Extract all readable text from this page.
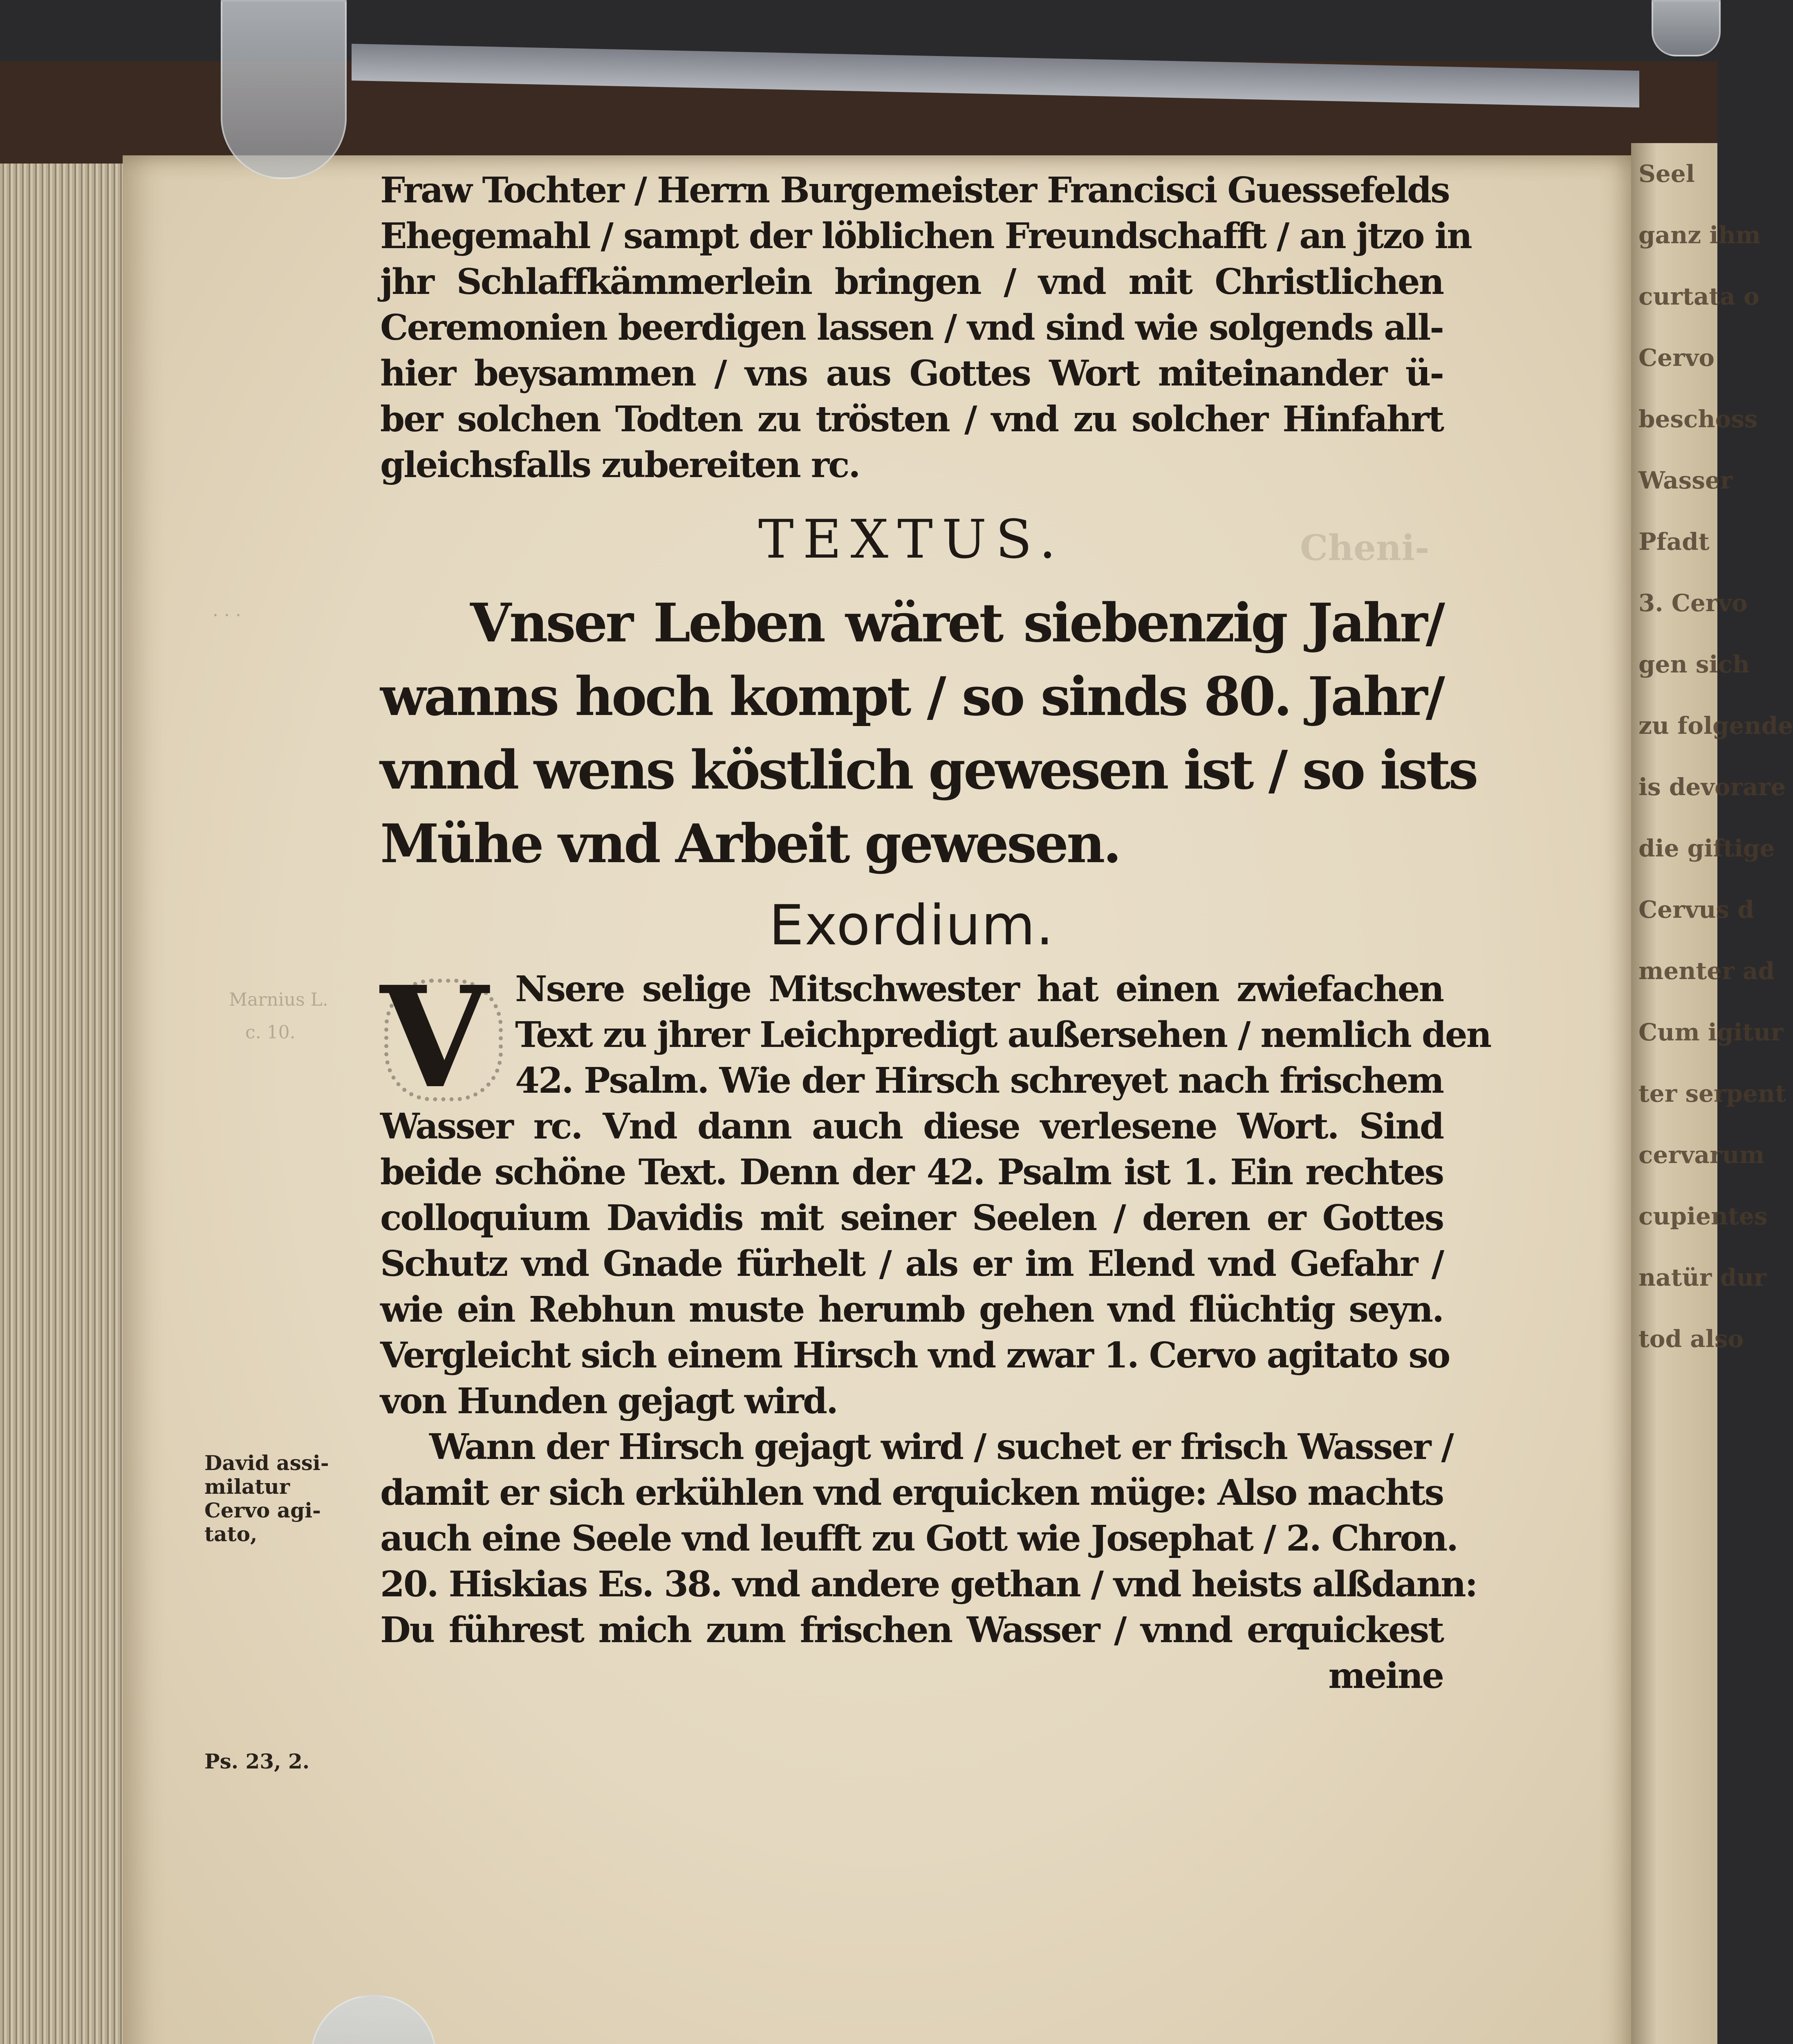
Seel
ganz ihm
curtata o
Cervo
beschoss
Wasser
Pfadt
3. Cervo
gen sich
zu folgende
is devorare
die giftige
Cervus d
menter ad
Cum igitur
ter serpent
cervarum
cupientes
natür dur
tod also
· · ·
Marnius L.
c. 10.
Cheni-
Fraw Tochter / Herrn Burgemeister Francisci Guessefelds
Ehegemahl / sampt der löblichen Freundschafft / an jtzo in
jhr Schlaffkämmerlein bringen / vnd mit Christlichen
Ceremonien beerdigen lassen / vnd sind wie solgends all-
hier beysammen / vns aus Gottes Wort miteinander ü-
ber solchen Todten zu trösten / vnd zu solcher Hinfahrt
gleichsfalls zubereiten rc.
TEXTUS.
Vnser Leben wäret siebenzig Jahr/
wanns hoch kompt / so sinds 80. Jahr/
vnnd wens köstlich gewesen ist / so ists
Mühe vnd Arbeit gewesen.
Exordium.
V Nsere selige Mitschwester hat einen zwiefachen
Text zu jhrer Leichpredigt außersehen / nemlich den
42. Psalm. Wie der Hirsch schreyet nach frischem
Wasser rc. Vnd dann auch diese verlesene Wort. Sind
beide schöne Text. Denn der 42. Psalm ist 1. Ein rechtes
colloquium Davidis mit seiner Seelen / deren er Gottes
Schutz vnd Gnade fürhelt / als er im Elend vnd Gefahr /
wie ein Rebhun muste herumb gehen vnd flüchtig seyn.
Vergleicht sich einem Hirsch vnd zwar 1. Cervo agitato so
von Hunden gejagt wird.
Wann der Hirsch gejagt wird / suchet er frisch Wasser /
damit er sich erkühlen vnd erquicken müge: Also machts
auch eine Seele vnd leufft zu Gott wie Josephat / 2. Chron.
20. Hiskias Es. 38. vnd andere gethan / vnd heists alßdann:
Du führest mich zum frischen Wasser / vnnd erquickest
meine
David assi-
milatur
Cervo agi-
tato,
Ps. 23, 2.
